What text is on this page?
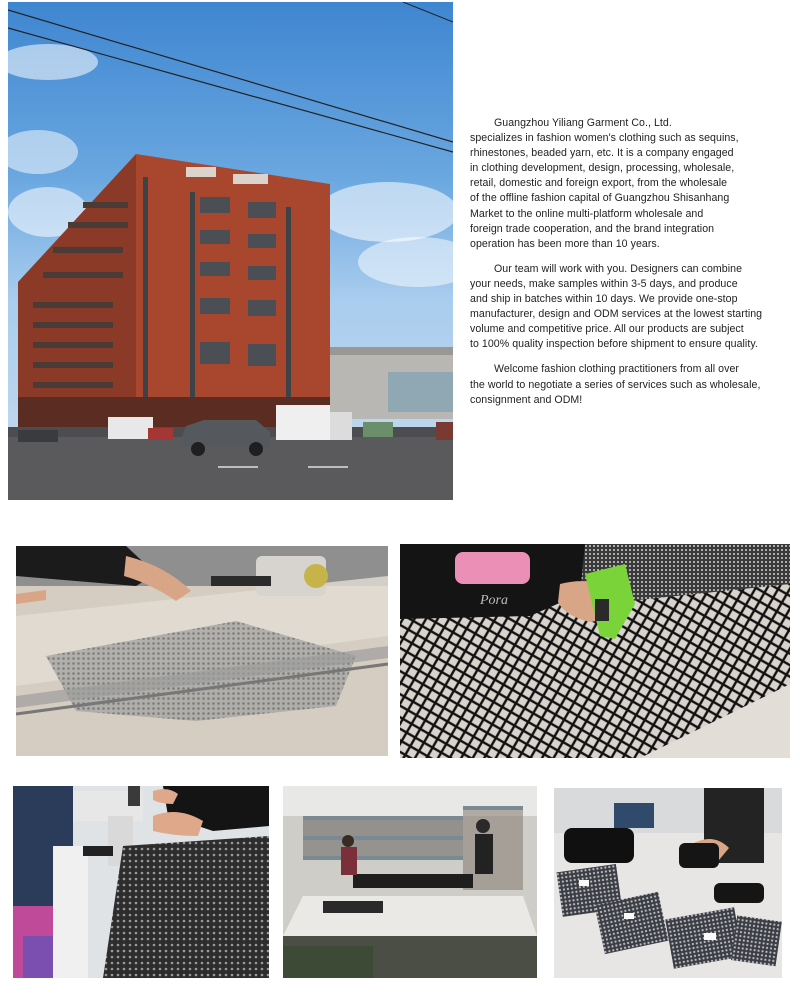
Guangzhou Yiliang Garment Co., Ltd.
specializes in fashion women's clothing such as sequins,
rhinestones, beaded yarn, etc. It is a company engaged
in clothing development, design, processing, wholesale,
retail, domestic and foreign export, from the wholesale
of the offline fashion capital of Guangzhou Shisanhang
Market to the online multi-platform wholesale and
foreign trade cooperation, and the brand integration
operation has been more than 10 years.

Our team will work with you. Designers can combine
your needs, make samples within 3-5 days, and produce
and ship in batches within 10 days. We provide one-stop
manufacturer, design and ODM services at the lowest starting
volume and competitive price. All our products are subject
to 100% quality inspection before shipment to ensure quality.

Welcome fashion clothing practitioners from all over
the world to negotiate a series of services such as wholesale,
consignment and ODM!

Pora
